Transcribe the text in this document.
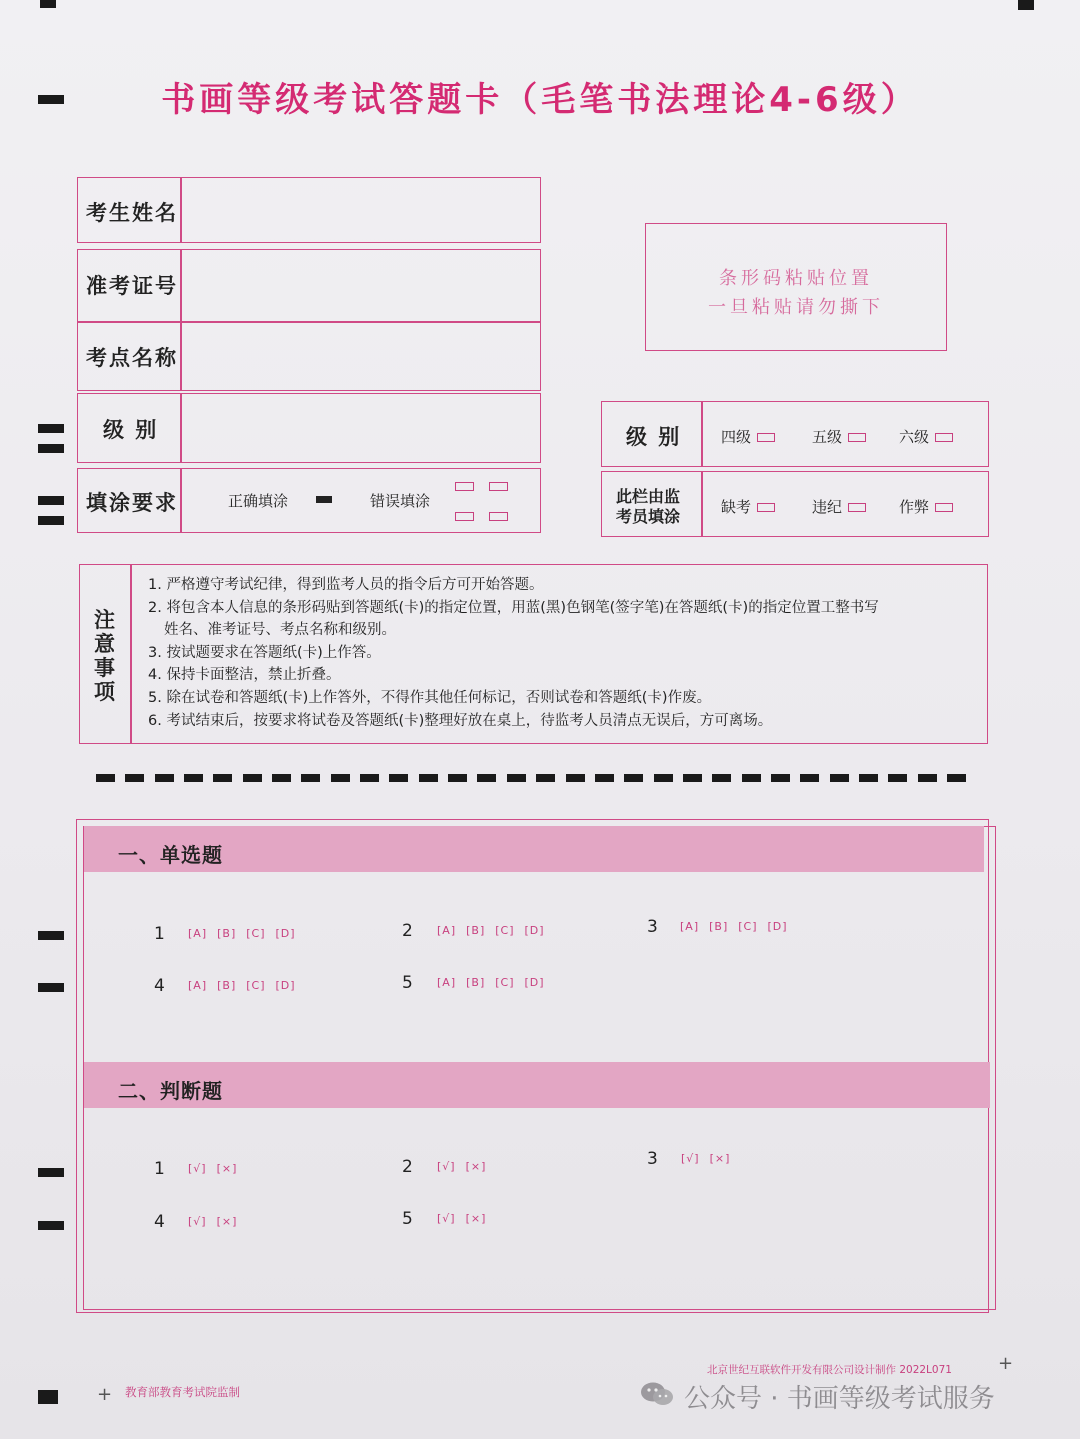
书画等级考试答题卡（毛笔书法理论4-6级）
考生姓名
准考证号
考点名称
级 别
填涂要求	正确填涂	错误填涂
条形码粘贴位置
一旦粘贴请勿撕下
级 别	四级	五级	六级
此栏由监
考员填涂	缺考	违纪	作弊
注
意
事
项
1. 严格遵守考试纪律，得到监考人员的指令后方可开始答题。
2. 将包含本人信息的条形码贴到答题纸(卡)的指定位置，用蓝(黑)色钢笔(签字笔)在答题纸(卡)的指定位置工整书写
姓名、准考证号、考点名称和级别。
3. 按试题要求在答题纸(卡)上作答。
4. 保持卡面整洁，禁止折叠。
5. 除在试卷和答题纸(卡)上作答外，不得作其他任何标记，否则试卷和答题纸(卡)作废。
6. 考试结束后，按要求将试卷及答题纸(卡)整理好放在桌上，待监考人员清点无误后，方可离场。
一、单选题
1 [A] [B] [C] [D]	2 [A] [B] [C] [D]	3 [A] [B] [C] [D]
4 [A] [B] [C] [D]	5 [A] [B] [C] [D]
二、判断题
1 [√] [×]	2 [√] [×]	3 [√] [×]
4 [√] [×]	5 [√] [×]
+ 教育部教育考试院监制
北京世纪互联软件开发有限公司设计制作 2022L071	+
公众号 · 书画等级考试服务
